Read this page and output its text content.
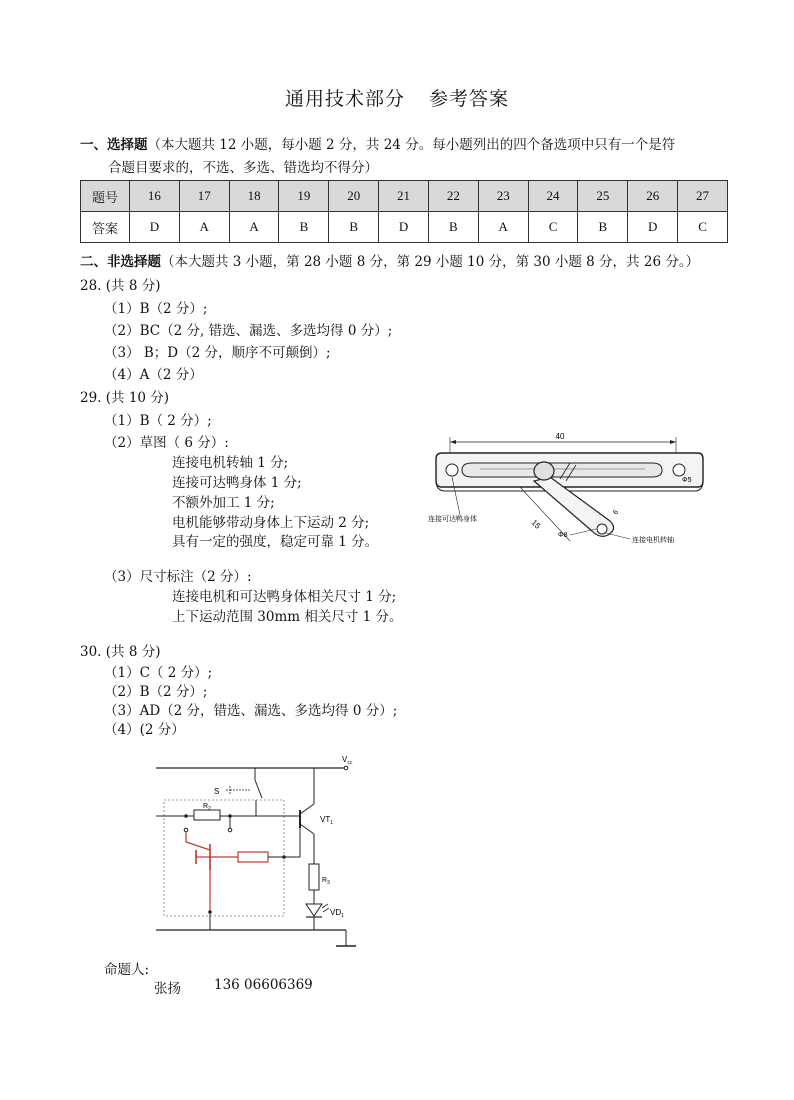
通用技术部分 参考答案
一、选择题（本大题共 12 小题，每小题 2 分，共 24 分。每小题列出的四个备选项中只有一个是符
合题目要求的，不选、多选、错选均不得分）
题号	16	17	18	19	20	21	22	23	24	25	26	27
答案	D	A	A	B	B	D	B	A	C	B	D	C
二、非选择题（本大题共 3 小题，第 28 小题 8 分，第 29 小题 10 分，第 30 小题 8 分，共 26 分。）
28. (共 8 分)
（1）B（2 分）;
（2）BC（2 分, 错选、漏选、多选均得 0 分）;
（3） B；D（2 分，顺序不可颠倒）;
（4）A（2 分）
29. (共 10 分)
（1）B（ 2 分）;
（2）草图（ 6 分）:
连接电机转轴 1 分;
连接可达鸭身体 1 分;
不额外加工 1 分;
电机能够带动身体上下运动 2 分;
具有一定的强度，稳定可靠 1 分。
（3）尺寸标注（2 分）:
连接电机和可达鸭身体相关尺寸 1 分;
上下运动范围 30mm 相关尺寸 1 分。
40
Φ5
15
Φ8
6
连接可达鸭身体
连接电机转轴
30. (共 8 分)
（1）C（ 2 分）;
（2）B（2 分）;
（3）AD（2 分，错选、漏选、多选均得 0 分）;
（4）(2 分）
$V_{cc}$
S
$R_2$
$VT_1$
$R_3$
$VD_1$
命题人:
张扬 136 06606369
